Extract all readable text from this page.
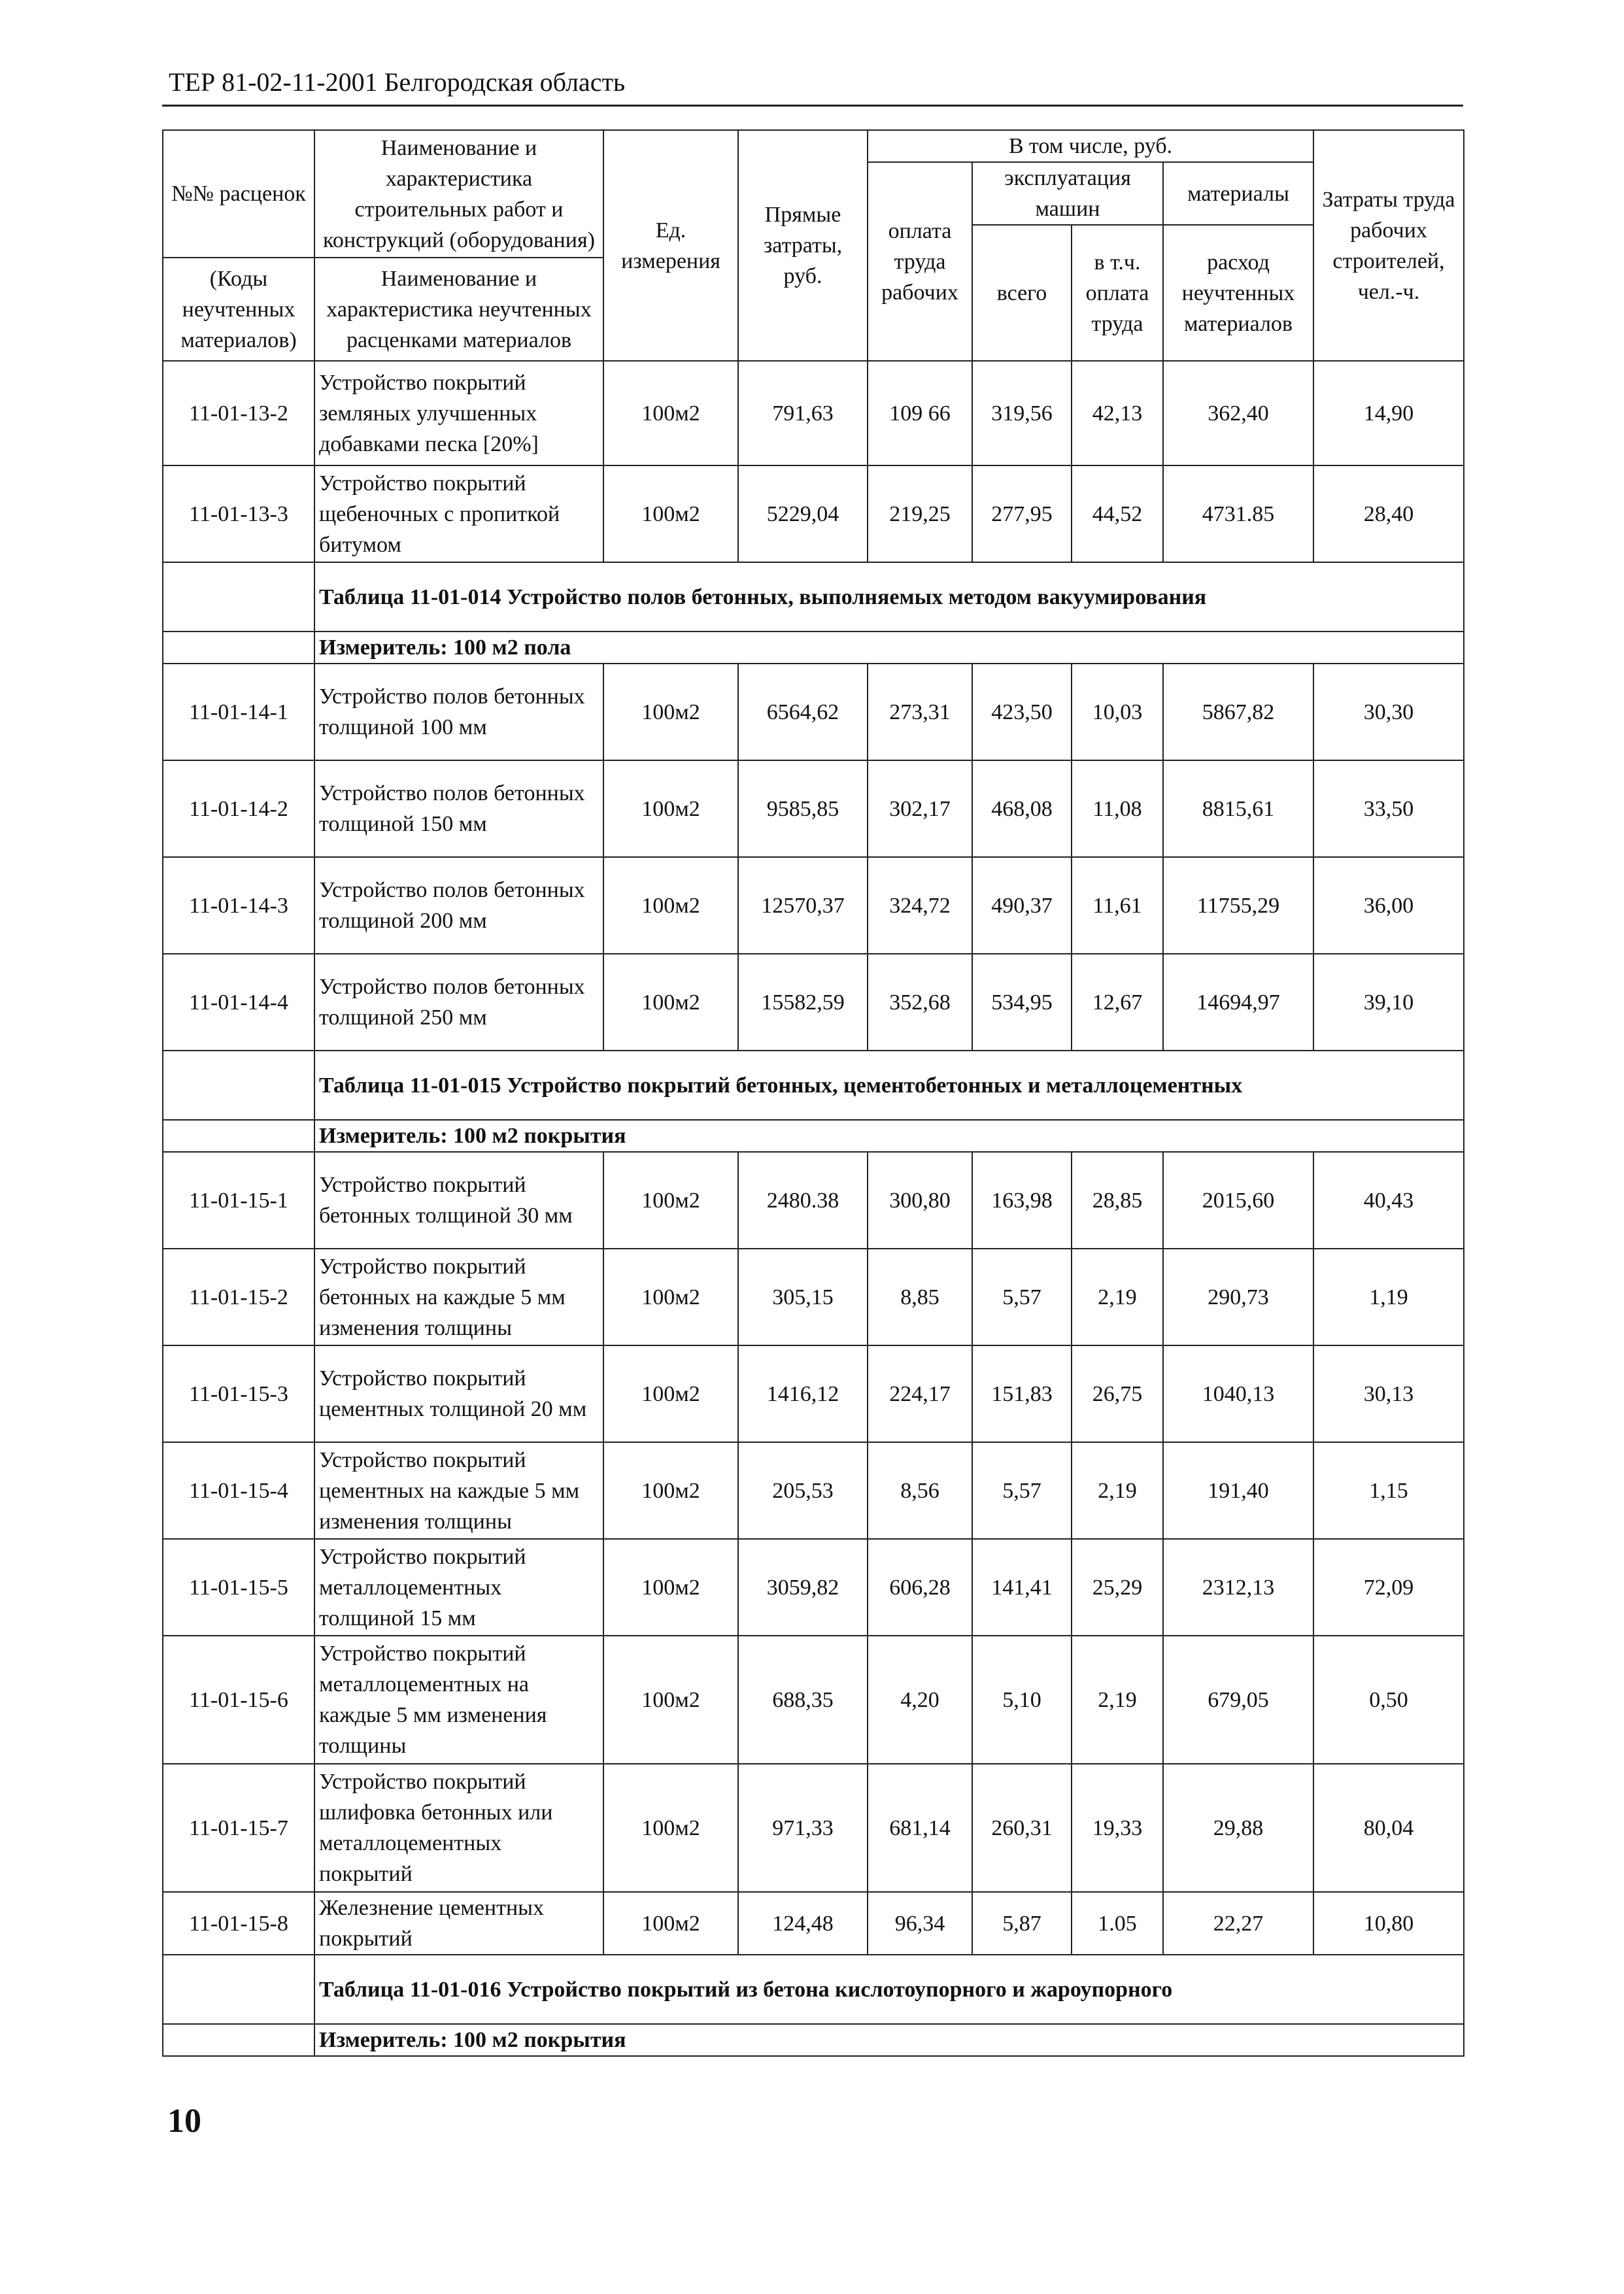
ТЕР 81-02-11-2001 Белгородская область
№№ расценок	Наименование и характеристика строительных работ и конструкций (оборудования)	Ед. измерения	Прямые затраты, руб.	В том числе, руб.				Затраты труда рабочих строителей, чел.-ч.
				оплата труда рабочих	эксплуатация машин		материалы	
					всего	в т.ч. оплата труда	расход неучтенных материалов	
(Коды неучтенных материалов)	Наименование и характеристика неучтенных расценками материалов							
11-01-13-2	Устройство покрытий земляных улучшенных добавками песка [20%]	100м2	791,63	109 66	319,56	42,13	362,40	14,90
11-01-13-3	Устройство покрытий щебеночных с пропиткой битумом	100м2	5229,04	219,25	277,95	44,52	4731.85	28,40
	Таблица 11-01-014 Устройство полов бетонных, выполняемых методом вакуумирования							
	Измеритель: 100 м2 пола							
11-01-14-1	Устройство полов бетонных толщиной 100 мм	100м2	6564,62	273,31	423,50	10,03	5867,82	30,30
11-01-14-2	Устройство полов бетонных толщиной 150 мм	100м2	9585,85	302,17	468,08	11,08	8815,61	33,50
11-01-14-3	Устройство полов бетонных толщиной 200 мм	100м2	12570,37	324,72	490,37	11,61	11755,29	36,00
11-01-14-4	Устройство полов бетонных толщиной 250 мм	100м2	15582,59	352,68	534,95	12,67	14694,97	39,10
	Таблица 11-01-015 Устройство покрытий бетонных, цементобетонных и металлоцементных							
	Измеритель: 100 м2 покрытия							
11-01-15-1	Устройство покрытий бетонных толщиной 30 мм	100м2	2480.38	300,80	163,98	28,85	2015,60	40,43
11-01-15-2	Устройство покрытий бетонных на каждые 5 мм изменения толщины	100м2	305,15	8,85	5,57	2,19	290,73	1,19
11-01-15-3	Устройство покрытий цементных толщиной 20 мм	100м2	1416,12	224,17	151,83	26,75	1040,13	30,13
11-01-15-4	Устройство покрытий цементных на каждые 5 мм изменения толщины	100м2	205,53	8,56	5,57	2,19	191,40	1,15
11-01-15-5	Устройство покрытий металлоцементных толщиной 15 мм	100м2	3059,82	606,28	141,41	25,29	2312,13	72,09
11-01-15-6	Устройство покрытий металлоцементных на каждые 5 мм изменения толщины	100м2	688,35	4,20	5,10	2,19	679,05	0,50
11-01-15-7	Устройство покрытий шлифовка бетонных или металлоцементных покрытий	100м2	971,33	681,14	260,31	19,33	29,88	80,04
11-01-15-8	Железнение цементных покрытий	100м2	124,48	96,34	5,87	1.05	22,27	10,80
	Таблица 11-01-016 Устройство покрытий из бетона кислотоупорного и жароупорного							
	Измеритель: 100 м2 покрытия							
10
